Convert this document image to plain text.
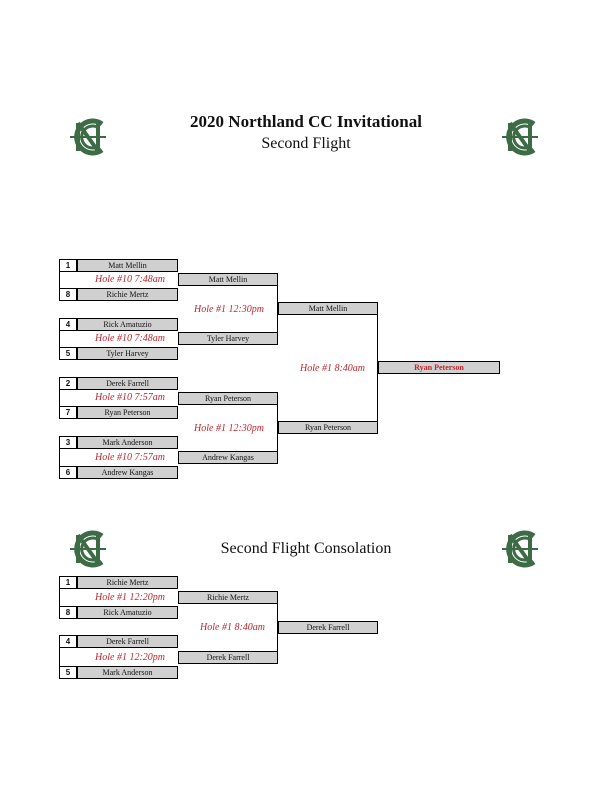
2020 Northland CC Invitational
Second Flight
Second Flight Consolation
1	Matt Mellin
8	Richie Mertz
4	Rick Amatuzio
5	Tyler Harvey
2	Derek Farrell
7	Ryan Peterson
3	Mark Anderson
6	Andrew Kangas
Hole #10 7:48am
Hole #10 7:48am
Hole #10 7:57am
Hole #10 7:57am
Matt Mellin
Tyler Harvey
Ryan Peterson
Andrew Kangas
Hole #1 12:30pm
Hole #1 12:30pm
Matt Mellin
Ryan Peterson
Hole #1 8:40am	Ryan Peterson
1	Richie Mertz
8	Rick Amatuzio
4	Derek Farrell
5	Mark Anderson
Hole #1 12:20pm
Hole #1 12:20pm
Richie Mertz
Derek Farrell
Hole #1 8:40am	Derek Farrell
